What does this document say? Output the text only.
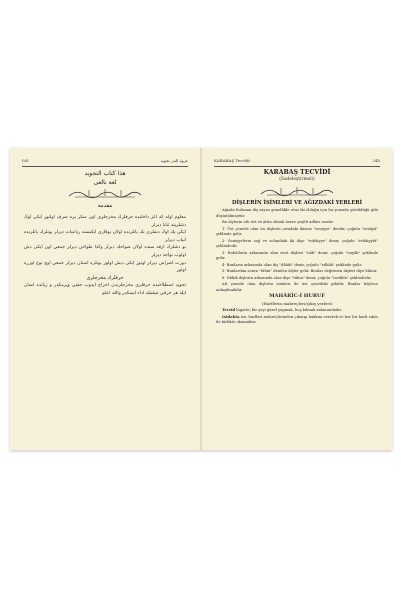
٢٤٥	غزوة البدر تجويد
هذا كتاب التجويد
لغة بالغی
مقدمه

معلوم اوله كه اغز داخلنده حرفلرك مخرجلرى اون سكز يره صرف اولنور ايكى اوڭ دشلرينه ثنايا ديرلر

ايكى پك اوڭ دشلرى نك يانلرنده اولان يوقارى ايكيسنه رباعيات ديرلر بونلرك يانلرنده انياب ديرلر

بو دشلرك ارقه سنده اولان ضواحك ديرلر وكذا طواحن ديرلر جمعي اون ايكى دش اولوب نواجذ ديرلر

دورت اضراس ديرلر اوتوز ايكى ديش اولور بونلره اسنان ديرلر جمعي اوچ نوع اوزره اولور

حرفلرك مخرجلرى

تجويد اصطلاحنده حرفلرى مخرجلرندن اخراج ايدوب حقنى ويرمكدر و زبانده لسان ايله هر حرفى صفتيله اداء ايتمكدر والله اعلم

KARABAŞ Tecvîdi	245
KARABAŞ TECVİDİ
(Sadeleştirmeli)
DİŞLERİN İSİMLERİ VE AĞIZDAKİ YERLERİ

Ağızda bulunan diş sayısı genellikle otuz iki olduğu için bu şemada görüldüğü gibi düşünülmüştür.

Bu dişlerin altı üst ve altta olmak üzere çeşitli adları vardır:

1- Üst çenede olan ön dişlerin ortadaki ikisine "seniyye" denilir, çoğulu "senâyâ" şeklinde gelir.

2- Seniyyelerin sağ ve solundaki iki dişe "rubâiyye" denir, çoğulu "rebâiyyât" şeklindedir.

3- Rubâilerin arkasında olan sivri dişlere "nâb" denir, çoğulu "enyâb" şeklinde gelir.

4- Bunların arkasında olan diş "dâhik" denir, çoğulu "edhâk" şeklinde gelir.

5- Bunlardan sonra "tâhin" denilen dişler gelir. Bunlar değirmen dişleri diye bilinir.

6- Dâhik dişlerin arkasında olan dişe "tâhin" denir, çoğulu "tavâhîn" şeklindedir.

Alt çenede olan dişlerin isimleri de üst çenedeki gibidir. Bunlar böylece anlaşılmalıdır.

MAHÂRİC-İ HURUF

(Harflerin mahreçleri/çıkış yerleri)

Tecvîd lügatte; bir şeyi güzel yapmak, hoş kılmak anlamındadır.

Istılahta ise; harfleri mahreçlerinden çıkarıp hakkını vererek ve her bir harfi sıfatı ile birlikte okumaktır.
